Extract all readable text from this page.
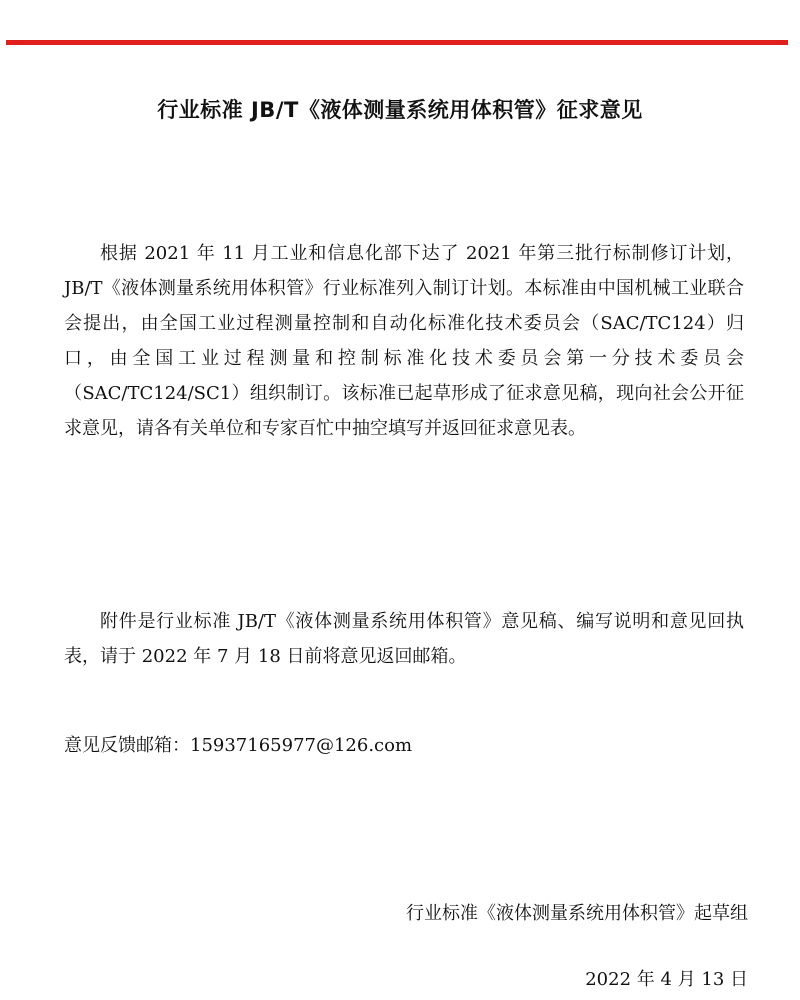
行业标准 JB/T《液体测量系统用体积管》征求意见

根据 2021 年 11 月工业和信息化部下达了 2021 年第三批行标制修订计划，JB/T《液体测量系统用体积管》行业标准列入制订计划。本标准由中国机械工业联合会提出，由全国工业过程测量控制和自动化标准化技术委员会（SAC/TC124）归口，由全国工业过程测量和控制标准化技术委员会第一分技术委员会（SAC/TC124/SC1）组织制订。该标准已起草形成了征求意见稿，现向社会公开征求意见，请各有关单位和专家百忙中抽空填写并返回征求意见表。

附件是行业标准 JB/T《液体测量系统用体积管》意见稿、编写说明和意见回执表，请于 2022 年 7 月 18 日前将意见返回邮箱。

意见反馈邮箱：15937165977@126.com

行业标准《液体测量系统用体积管》起草组

2022 年 4 月 13 日
